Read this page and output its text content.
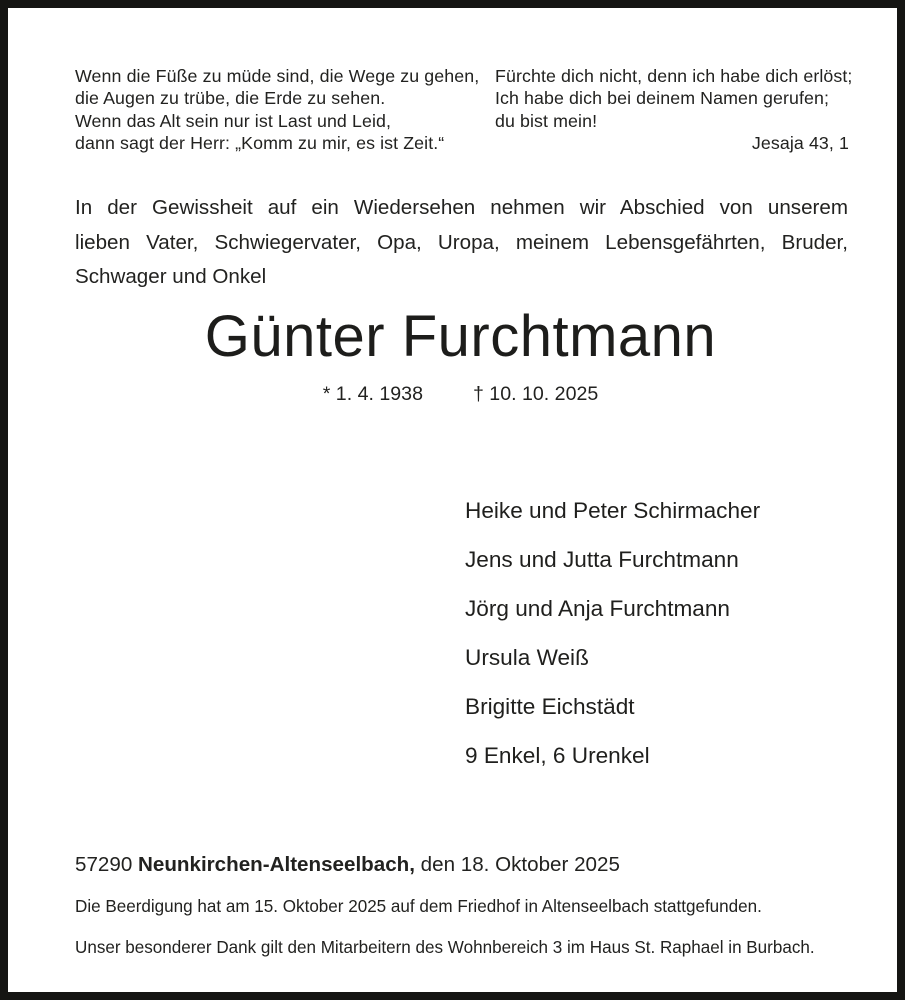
Wenn die Füße zu müde sind, die Wege zu gehen,
die Augen zu trübe, die Erde zu sehen.
Wenn das Alt sein nur ist Last und Leid,
dann sagt der Herr: „Komm zu mir, es ist Zeit.“
Fürchte dich nicht, denn ich habe dich erlöst;
Ich habe dich bei deinem Namen gerufen;
du bist mein!
Jesaja 43, 1
In der Gewissheit auf ein Wiedersehen nehmen wir Abschied von unserem
lieben Vater, Schwiegervater, Opa, Uropa, meinem Lebensgefährten, Bruder,
Schwager und Onkel
Günter Furchtmann
* 1. 4. 1938	† 10. 10. 2025
Heike und Peter Schirmacher
Jens und Jutta Furchtmann
Jörg und Anja Furchtmann
Ursula Weiß
Brigitte Eichstädt
9 Enkel, 6 Urenkel
57290 Neunkirchen-Altenseelbach, den 18. Oktober 2025
Die Beerdigung hat am 15. Oktober 2025 auf dem Friedhof in Altenseelbach stattgefunden.
Unser besonderer Dank gilt den Mitarbeitern des Wohnbereich 3 im Haus St. Raphael in Burbach.
